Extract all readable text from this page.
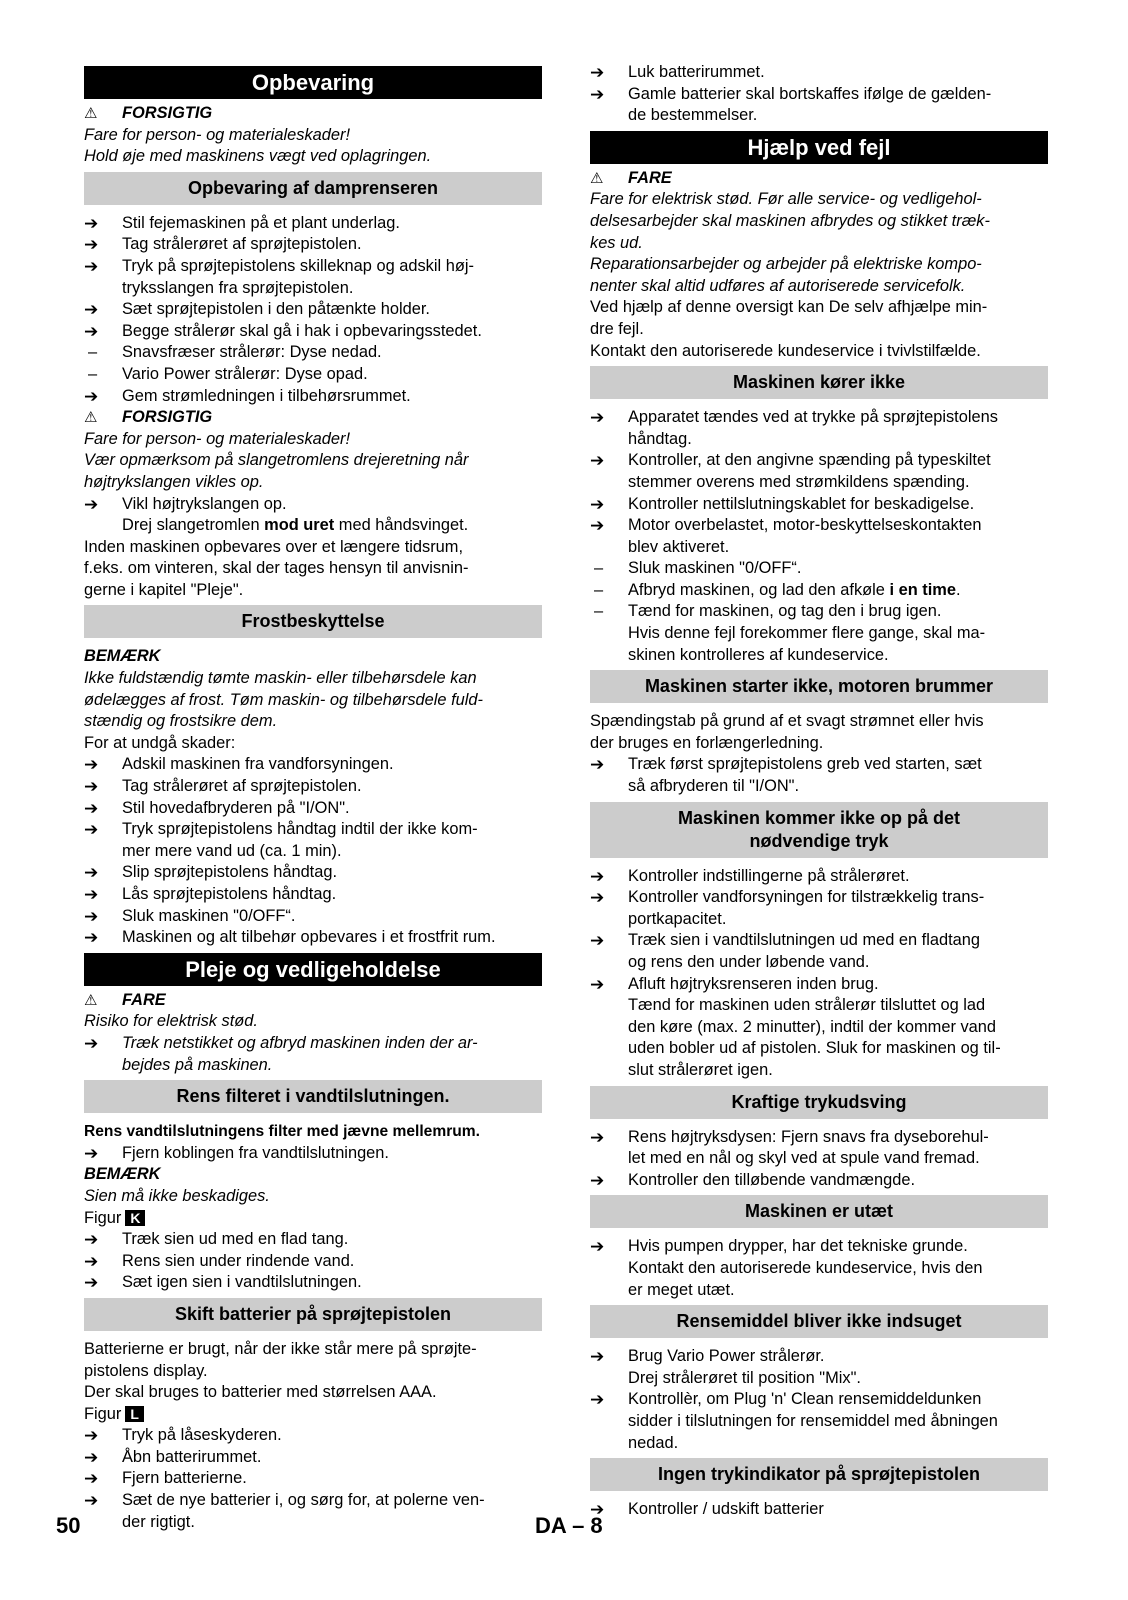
Opbevaring
⚠ FORSIGTIG
Fare for person- og materialeskader!
Hold øje med maskinens vægt ved oplagringen.
Opbevaring af damprenseren
➔ Stil fejemaskinen på et plant underlag.
➔ Tag strålerøret af sprøjtepistolen.
➔ Tryk på sprøjtepistolens skilleknap og adskil høj-
tryksslangen fra sprøjtepistolen.
➔ Sæt sprøjtepistolen i den påtænkte holder.
➔ Begge strålerør skal gå i hak i opbevaringsstedet.
– Snavsfræser strålerør: Dyse nedad.
– Vario Power strålerør: Dyse opad.
➔ Gem strømledningen i tilbehørsrummet.
⚠ FORSIGTIG
Fare for person- og materialeskader!
Vær opmærksom på slangetromlens drejeretning når
højtrykslangen vikles op.
➔ Vikl højtrykslangen op.
Drej slangetromlen mod uret med håndsvinget.
Inden maskinen opbevares over et længere tidsrum,
f.eks. om vinteren, skal der tages hensyn til anvisnin-
gerne i kapitel "Pleje".
Frostbeskyttelse
BEMÆRK
Ikke fuldstændig tømte maskin- eller tilbehørsdele kan
ødelægges af frost. Tøm maskin- og tilbehørsdele fuld-
stændig og frostsikre dem.
For at undgå skader:
➔ Adskil maskinen fra vandforsyningen.
➔ Tag strålerøret af sprøjtepistolen.
➔ Stil hovedafbryderen på "I/ON".
➔ Tryk sprøjtepistolens håndtag indtil der ikke kom-
mer mere vand ud (ca. 1 min).
➔ Slip sprøjtepistolens håndtag.
➔ Lås sprøjtepistolens håndtag.
➔ Sluk maskinen "0/OFF“.
➔ Maskinen og alt tilbehør opbevares i et frostfrit rum.
Pleje og vedligeholdelse
⚠ FARE
Risiko for elektrisk stød.
➔ Træk netstikket og afbryd maskinen inden der ar-
bejdes på maskinen.
Rens filteret i vandtilslutningen.
Rens vandtilslutningens filter med jævne mellemrum.
➔ Fjern koblingen fra vandtilslutningen.
BEMÆRK
Sien må ikke beskadiges.
Figur K
➔ Træk sien ud med en flad tang.
➔ Rens sien under rindende vand.
➔ Sæt igen sien i vandtilslutningen.
Skift batterier på sprøjtepistolen
Batterierne er brugt, når der ikke står mere på sprøjte-
pistolens display.
Der skal bruges to batterier med størrelsen AAA.
Figur L
➔ Tryk på låseskyderen.
➔ Åbn batterirummet.
➔ Fjern batterierne.
➔ Sæt de nye batterier i, og sørg for, at polerne ven-
der rigtigt.
➔ Luk batterirummet.
➔ Gamle batterier skal bortskaffes ifølge de gælden-
de bestemmelser.
Hjælp ved fejl
⚠ FARE
Fare for elektrisk stød. Før alle service- og vedligehol-
delsesarbejder skal maskinen afbrydes og stikket træk-
kes ud.
Reparationsarbejder og arbejder på elektriske kompo-
nenter skal altid udføres af autoriserede servicefolk.
Ved hjælp af denne oversigt kan De selv afhjælpe min-
dre fejl.
Kontakt den autoriserede kundeservice i tvivlstilfælde.
Maskinen kører ikke
➔ Apparatet tændes ved at trykke på sprøjtepistolens
håndtag.
➔ Kontroller, at den angivne spænding på typeskiltet
stemmer overens med strømkildens spænding.
➔ Kontroller nettilslutningskablet for beskadigelse.
➔ Motor overbelastet, motor-beskyttelseskontakten
blev aktiveret.
– Sluk maskinen "0/OFF“.
– Afbryd maskinen, og lad den afkøle i en time.
– Tænd for maskinen, og tag den i brug igen.
Hvis denne fejl forekommer flere gange, skal ma-
skinen kontrolleres af kundeservice.
Maskinen starter ikke, motoren brummer
Spændingstab på grund af et svagt strømnet eller hvis
der bruges en forlængerledning.
➔ Træk først sprøjtepistolens greb ved starten, sæt
så afbryderen til "I/ON".
Maskinen kommer ikke op på det
nødvendige tryk
➔ Kontroller indstillingerne på strålerøret.
➔ Kontroller vandforsyningen for tilstrækkelig trans-
portkapacitet.
➔ Træk sien i vandtilslutningen ud med en fladtang
og rens den under løbende vand.
➔ Afluft højtryksrenseren inden brug.
Tænd for maskinen uden strålerør tilsluttet og lad
den køre (max. 2 minutter), indtil der kommer vand
uden bobler ud af pistolen. Sluk for maskinen og til-
slut strålerøret igen.
Kraftige trykudsving
➔ Rens højtryksdysen: Fjern snavs fra dyseborehul-
let med en nål og skyl ved at spule vand fremad.
➔ Kontroller den tilløbende vandmængde.
Maskinen er utæt
➔ Hvis pumpen drypper, har det tekniske grunde.
Kontakt den autoriserede kundeservice, hvis den
er meget utæt.
Rensemiddel bliver ikke indsuget
➔ Brug Vario Power strålerør.
Drej strålerøret til position "Mix".
➔ Kontrollèr, om Plug 'n' Clean rensemiddeldunken
sidder i tilslutningen for rensemiddel med åbningen
nedad.
Ingen trykindikator på sprøjtepistolen
➔ Kontroller / udskift batterier
50	DA – 8
